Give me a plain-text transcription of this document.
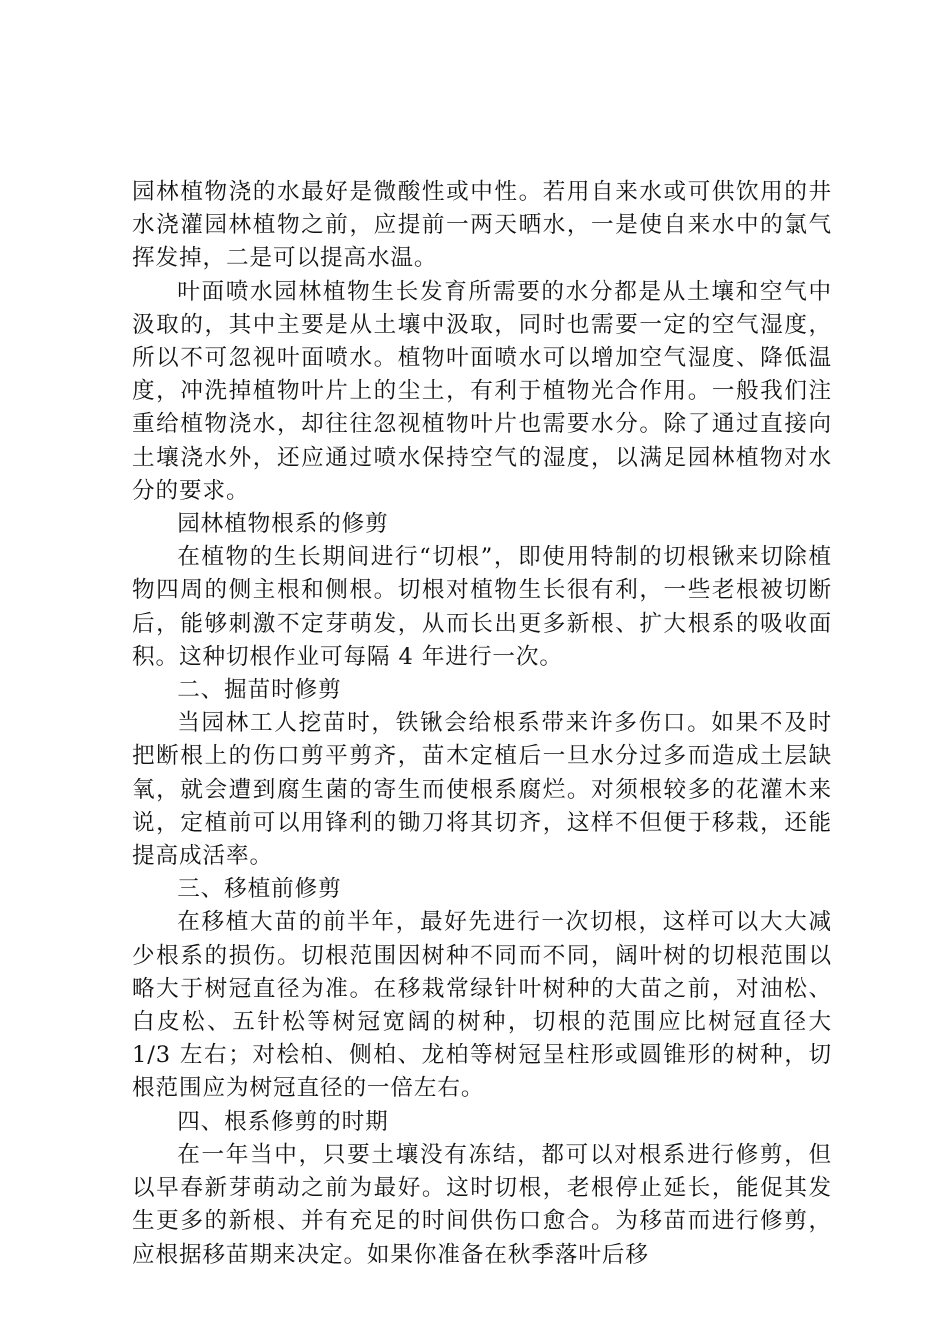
园林植物浇的水最好是微酸性或中性。若用自来水或可供饮用的井水浇灌园林植物之前，应提前一两天晒水，一是使自来水中的氯气挥发掉，二是可以提高水温。

叶面喷水园林植物生长发育所需要的水分都是从土壤和空气中汲取的，其中主要是从土壤中汲取，同时也需要一定的空气湿度，所以不可忽视叶面喷水。植物叶面喷水可以增加空气湿度、降低温度，冲洗掉植物叶片上的尘土，有利于植物光合作用。一般我们注重给植物浇水，却往往忽视植物叶片也需要水分。除了通过直接向土壤浇水外，还应通过喷水保持空气的湿度，以满足园林植物对水分的要求。

园林植物根系的修剪

在植物的生长期间进行“切根”，即使用特制的切根锹来切除植物四周的侧主根和侧根。切根对植物生长很有利，一些老根被切断后，能够刺激不定芽萌发，从而长出更多新根、扩大根系的吸收面积。这种切根作业可每隔 4 年进行一次。

二、掘苗时修剪

当园林工人挖苗时，铁锹会给根系带来许多伤口。如果不及时把断根上的伤口剪平剪齐，苗木定植后一旦水分过多而造成土层缺氧，就会遭到腐生菌的寄生而使根系腐烂。对须根较多的花灌木来说，定植前可以用锋利的锄刀将其切齐，这样不但便于移栽，还能提高成活率。

三、移植前修剪

在移植大苗的前半年，最好先进行一次切根，这样可以大大减少根系的损伤。切根范围因树种不同而不同，阔叶树的切根范围以略大于树冠直径为准。在移栽常绿针叶树种的大苗之前，对油松、白皮松、五针松等树冠宽阔的树种，切根的范围应比树冠直径大 1/3 左右；对桧柏、侧柏、龙柏等树冠呈柱形或圆锥形的树种，切根范围应为树冠直径的一倍左右。

四、根系修剪的时期

在一年当中，只要土壤没有冻结，都可以对根系进行修剪，但以早春新芽萌动之前为最好。这时切根，老根停止延长，能促其发生更多的新根、并有充足的时间供伤口愈合。为移苗而进行修剪，应根据移苗期来决定。如果你准备在秋季落叶后移
